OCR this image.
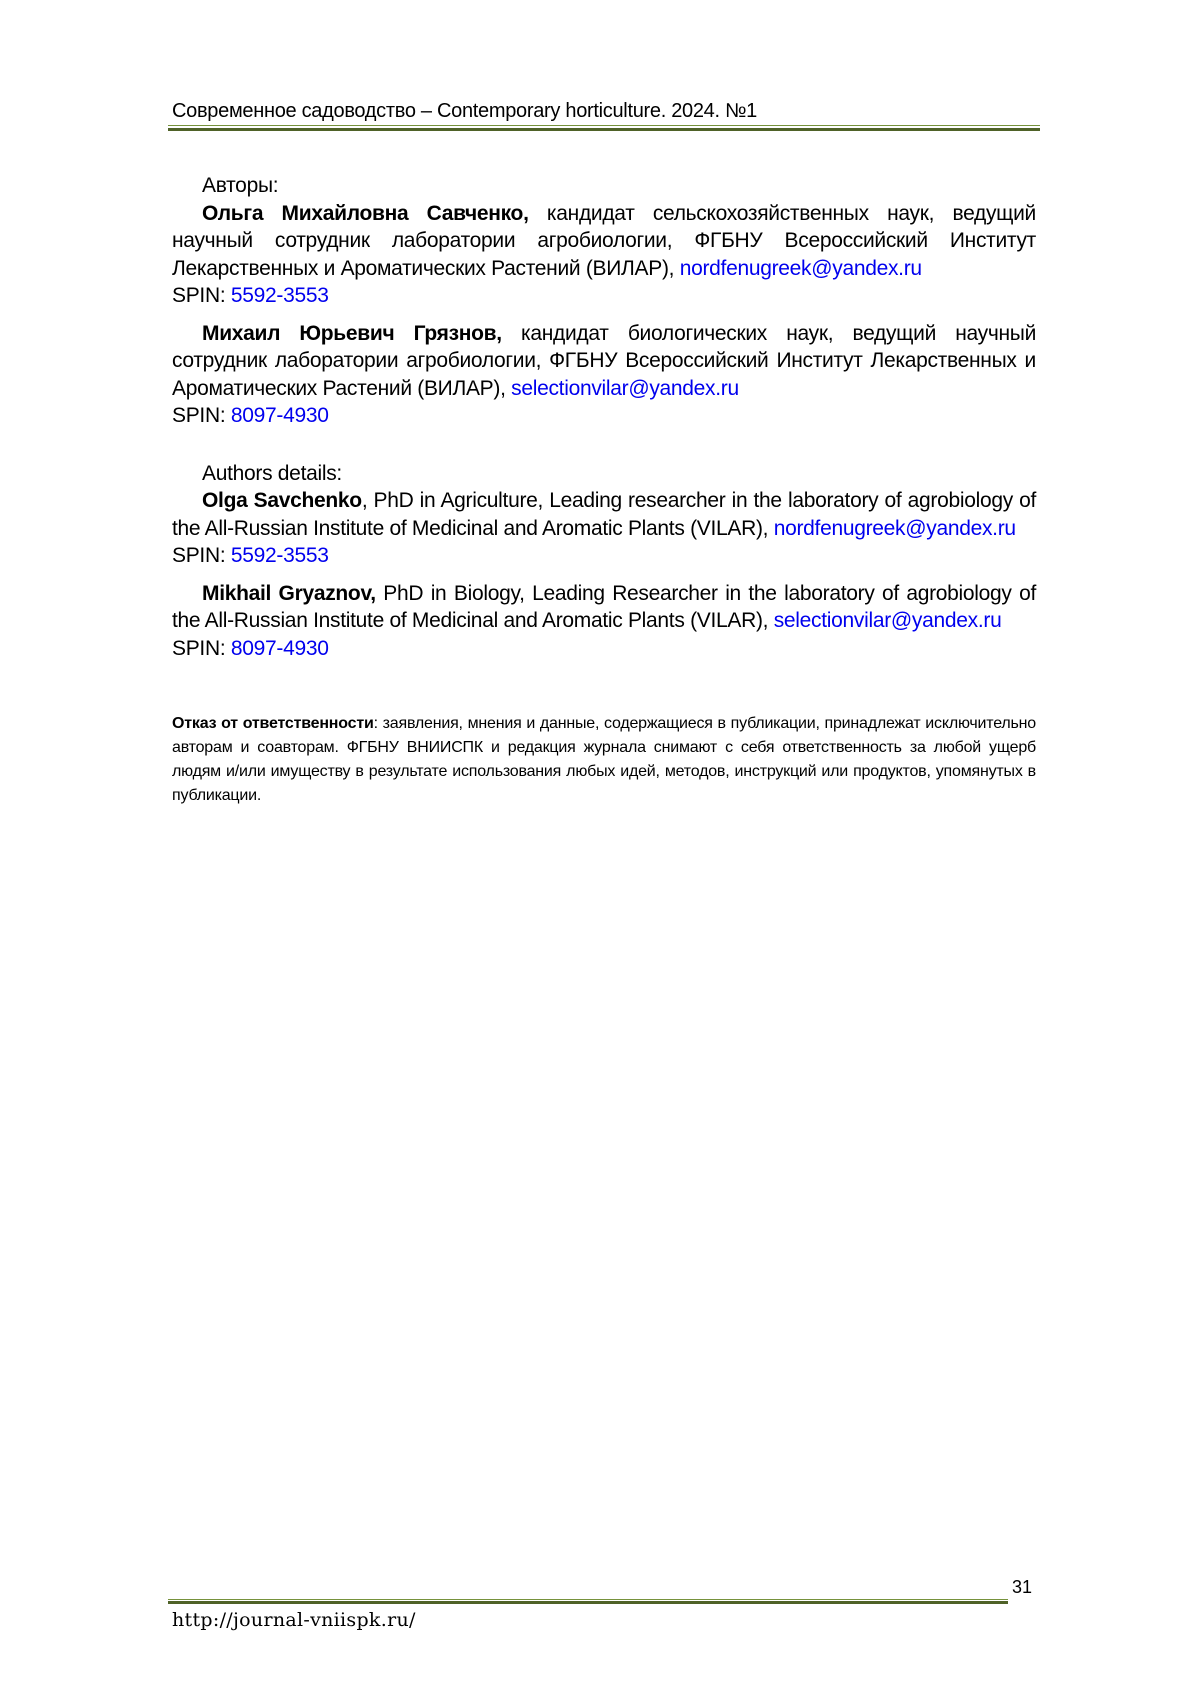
Современное садоводство – Contemporary horticulture. 2024. №1

Авторы:

Ольга Михайловна Савченко, кандидат сельскохозяйственных наук, ведущий научный сотрудник лаборатории агробиологии, ФГБНУ Всероссийский Институт Лекарственных и Ароматических Растений (ВИЛАР), nordfenugreek@yandex.ru

SPIN: 5592-3553

Михаил Юрьевич Грязнов, кандидат биологических наук, ведущий научный сотрудник лаборатории агробиологии, ФГБНУ Всероссийский Институт Лекарственных и Ароматических Растений (ВИЛАР), selectionvilar@yandex.ru

SPIN: 8097-4930

Authors details:

Olga Savchenko, PhD in Agriculture, Leading researcher in the laboratory of agrobiology of the All-Russian Institute of Medicinal and Aromatic Plants (VILAR), nordfenugreek@yandex.ru

SPIN: 5592-3553

Mikhail Gryaznov, PhD in Biology, Leading Researcher in the laboratory of agrobiology of the All-Russian Institute of Medicinal and Aromatic Plants (VILAR), selectionvilar@yandex.ru

SPIN: 8097-4930

Отказ от ответственности: заявления, мнения и данные, содержащиеся в публикации, принадлежат исключительно авторам и соавторам. ФГБНУ ВНИИСПК и редакция журнала снимают с себя ответственность за любой ущерб людям и/или имуществу в результате использования любых идей, методов, инструкций или продуктов, упомянутых в публикации.

31
http://journal-vniispk.ru/
